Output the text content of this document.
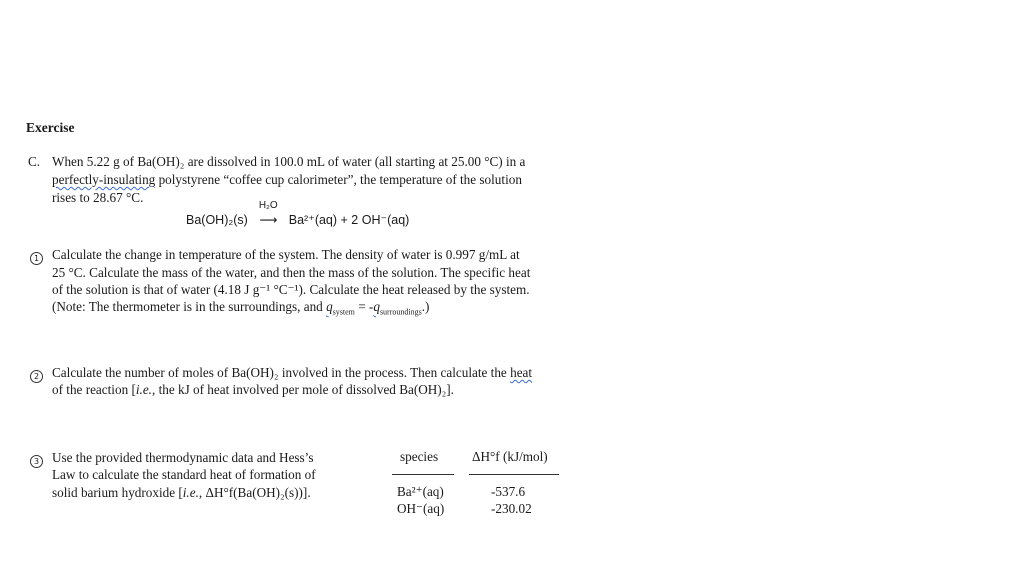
Exercise
C. When 5.22 g of Ba(OH)₂ are dissolved in 100.0 mL of water (all starting at 25.00 °C) in a
perfectly-insulating polystyrene “coffee cup calorimeter”, the temperature of the solution
rises to 28.67 °C.
Ba(OH)₂(s)
H₂O
⟶ Ba²⁺(aq) + 2 OH⁻(aq)
1 Calculate the change in temperature of the system. The density of water is 0.997 g/mL at
25 °C. Calculate the mass of the water, and then the mass of the solution. The specific heat
of the solution is that of water (4.18 J g⁻¹ °C⁻¹). Calculate the heat released by the system.
(Note: The thermometer is in the surroundings, and $q_{system} = -q_{surroundings}$.)
2 Calculate the number of moles of Ba(OH)₂ involved in the process. Then calculate the heat
of the reaction [i.e., the kJ of heat involved per mole of dissolved Ba(OH)₂].
3 Use the provided thermodynamic data and Hess’s
Law to calculate the standard heat of formation of
solid barium hydroxide [i.e., ΔH°f(Ba(OH)₂(s))].
species	ΔH°f (kJ/mol)
Ba²⁺(aq)	-537.6
OH⁻(aq)	-230.02
